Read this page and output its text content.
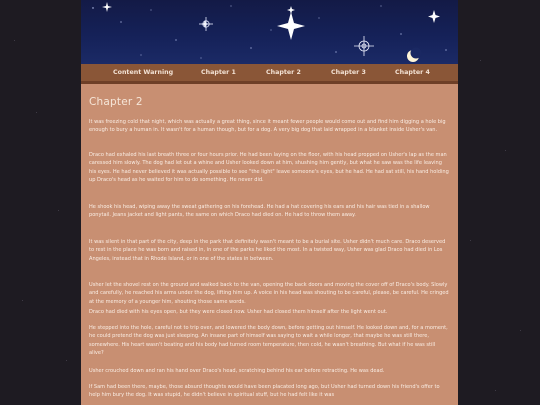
Content Warning	Chapter 1	Chapter 2	Chapter 3	Chapter 4
Chapter 2

It was freezing cold that night, which was actually a great thing, since it meant fewer people would come out and find him digging a hole big enough to bury a human in. It wasn't for a human though, but for a dog. A very big dog that laid wrapped in a blanket inside Usher's van.

Draco had exhaled his last breath three or four hours prior. He had been laying on the floor, with his head propped on Usher's lap as the man caressed him slowly. The dog had let out a whine and Usher looked down at him, shushing him gently, but what he saw was the life leaving his eyes. He had never believed it was actually possible to see "the light" leave someone's eyes, but he had. He had sat still, his hand holding up Draco's head as he waited for him to do something. He never did.

He shook his head, wiping away the sweat gathering on his forehead. He had a hat covering his ears and his hair was tied in a shallow ponytail. Jeans jacket and light pants, the same on which Draco had died on. He had to throw them away.

It was silent in that part of the city, deep in the park that definitely wasn't meant to be a burial site. Usher didn't much care. Draco deserved to rest in the place he was born and raised in, in one of the parks he liked the most. In a twisted way, Usher was glad Draco had died in Los Angeles, instead that in Rhode Island, or in one of the states in between.

Usher let the shovel rest on the ground and walked back to the van, opening the back doors and moving the cover off of Draco's body. Slowly and carefully, he reached his arms under the dog, lifting him up. A voice in his head was shouting to be careful, please, be careful. He cringed at the memory of a younger him, shouting those same words.

Draco had died with his eyes open, but they were closed now. Usher had closed them himself after the light went out.

He stepped into the hole, careful not to trip over, and lowered the body down, before getting out himself. He looked down and, for a moment, he could pretend the dog was just sleeping. An insane part of himself was saying to wait a while longer, that maybe he was still there, somewhere. His heart wasn't beating and his body had turned room temperature, then cold, he wasn't breathing. But what if he was still alive?

Usher crouched down and ran his hand over Draco's head, scratching behind his ear before retracting. He was dead.

If Sam had been there, maybe, those absurd thoughts would have been placated long ago, but Usher had turned down his friend's offer to help him bury the dog. It was stupid, he didn't believe in spiritual stuff, but he had felt like it was
